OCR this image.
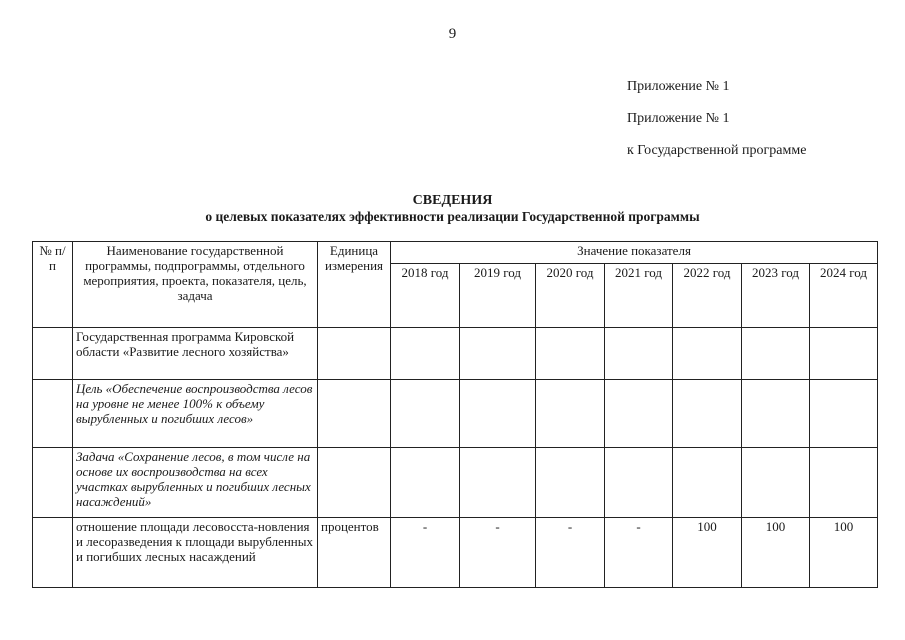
9
Приложение № 1
Приложение № 1
к Государственной программе
СВЕДЕНИЯ
о целевых показателях эффективности реализации Государственной программы
№ п/п	Наименование государственной программы, подпрограммы, отдельного мероприятия, проекта, показателя, цель, задача	Единица измерения	Значение показателя						
			2018 год	2019 год	2020 год	2021 год	2022 год	2023 год	2024 год
	Государственная программа Кировской области «Развитие лесного хозяйства»								
	Цель «Обеспечение воспроизводства лесов на уровне не менее 100% к объему вырубленных и погибших лесов»								
	Задача «Сохранение лесов, в том числе на основе их воспроизводства на всех участках вырубленных и погибших лесных насаждений»								
	отношение площади лесовосста-новления и лесоразведения к площади вырубленных и погибших лесных насаждений	процентов	-	-	-	-	100	100	100
